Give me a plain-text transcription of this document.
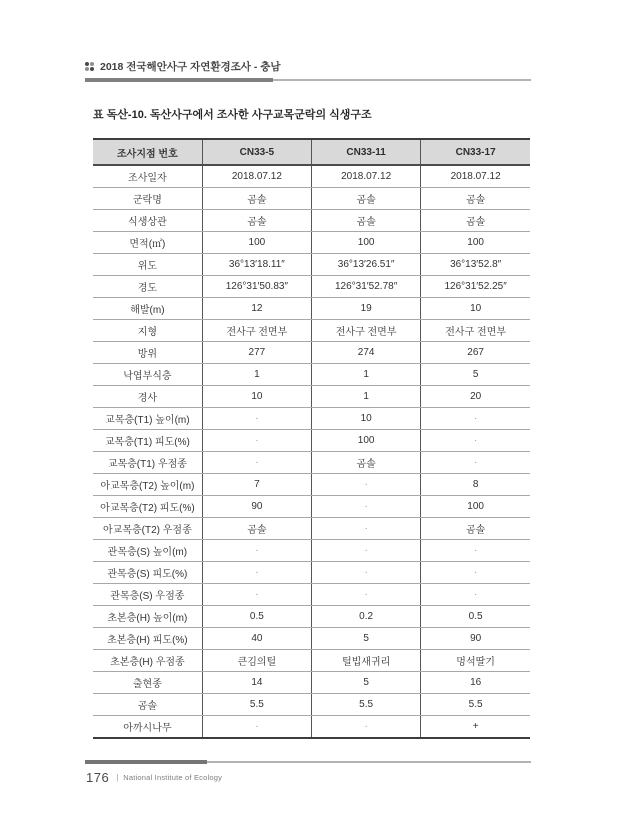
2018 전국해안사구 자연환경조사 - 충남
표 독산-10. 독산사구에서 조사한 사구교목군락의 식생구조
조사지점 번호	CN33-5	CN33-11	CN33-17
조사일자	2018.07.12	2018.07.12	2018.07.12
군락명	곰솔	곰솔	곰솔
식생상관	곰솔	곰솔	곰솔
면적(㎡)	100	100	100
위도	36°13′18.11″	36°13′26.51″	36°13′52.8″
경도	126°31′50.83″	126°31′52.78″	126°31′52.25″
해발(m)	12	19	10
지형	전사구 전면부	전사구 전면부	전사구 전면부
방위	277	274	267
낙엽부식층	1	1	5
경사	10	1	20
교목층(T1) 높이(m)	·	10	·
교목층(T1) 피도(%)	·	100	·
교목층(T1) 우점종	·	곰솔	·
아교목층(T2) 높이(m)	7	·	8
아교목층(T2) 피도(%)	90	·	100
아교목층(T2) 우점종	곰솔	·	곰솔
관목층(S) 높이(m)	·	·	·
관목층(S) 피도(%)	·	·	·
관목층(S) 우점종	·	·	·
초본층(H) 높이(m)	0.5	0.2	0.5
초본층(H) 피도(%)	40	5	90
초본층(H) 우점종	큰김의털	털빕새귀리	멍석딸기
출현종	14	5	16
곰솔	5.5	5.5	5.5
아까시나무	·	·	+
176 | National Institute of Ecology
